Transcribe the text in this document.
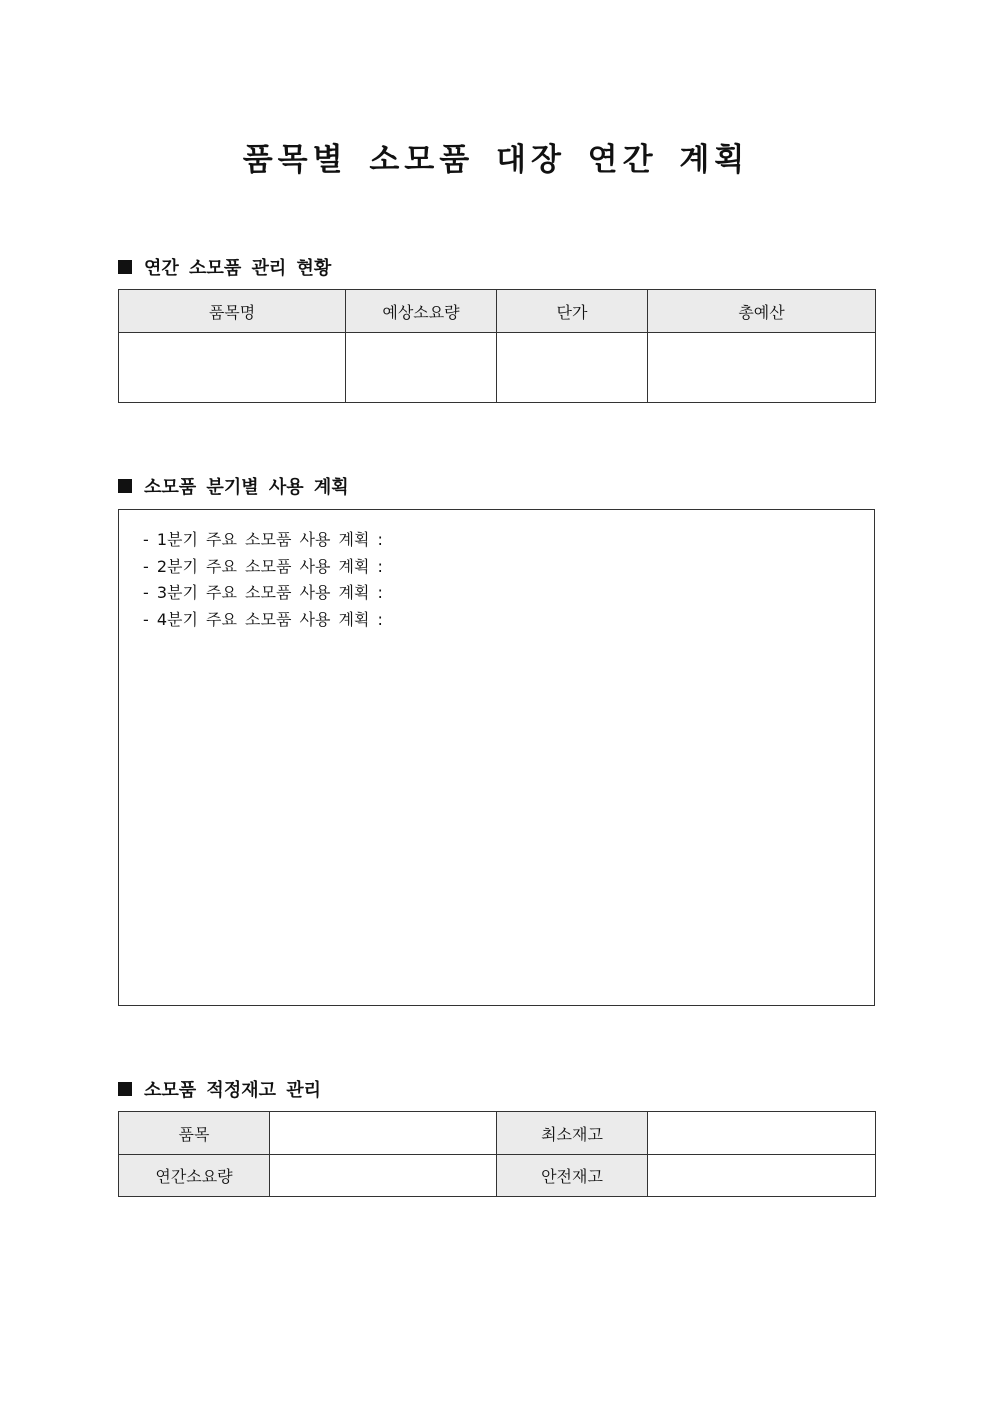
품목별 소모품 대장 연간 계획
연간 소모품 관리 현황
품목명	예상소요량	단가	총예산

소모품 분기별 사용 계획
- 1분기 주요 소모품 사용 계획 :
- 2분기 주요 소모품 사용 계획 :
- 3분기 주요 소모품 사용 계획 :
- 4분기 주요 소모품 사용 계획 :
소모품 적정재고 관리
품목		최소재고	
연간소요량		안전재고	
